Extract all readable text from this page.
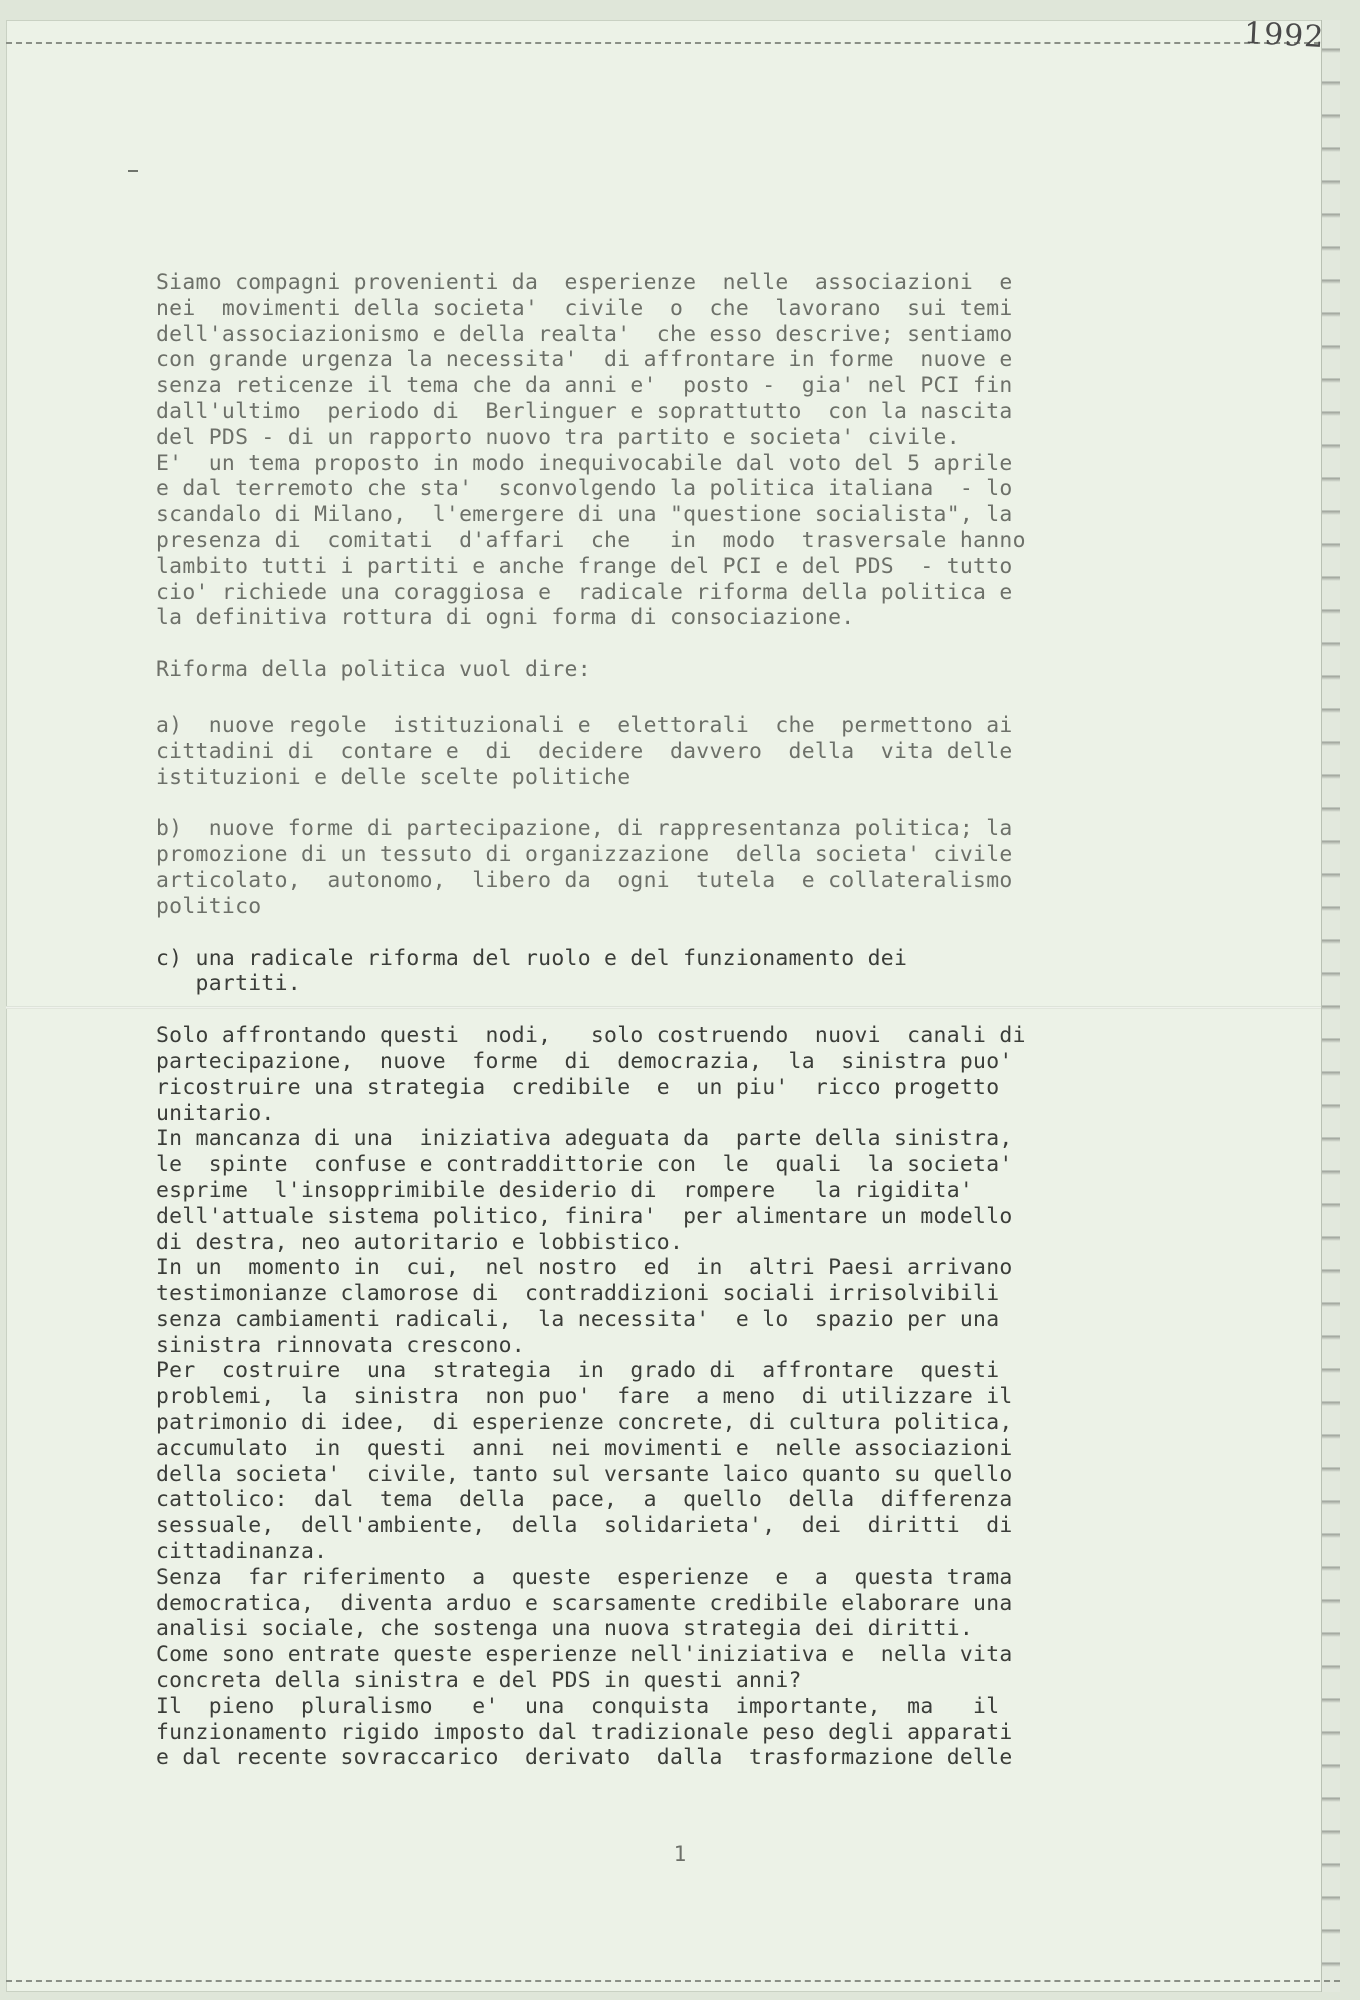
1992
Siamo compagni provenienti da  esperienze  nelle  associazioni  e
nei  movimenti della societa'  civile  o  che  lavorano  sui temi
dell'associazionismo e della realta'  che esso descrive; sentiamo
con grande urgenza la necessita'  di affrontare in forme  nuove e
senza reticenze il tema che da anni e'  posto -  gia' nel PCI fin
dall'ultimo  periodo di  Berlinguer e soprattutto  con la nascita
del PDS - di un rapporto nuovo tra partito e societa' civile.
E'  un tema proposto in modo inequivocabile dal voto del 5 aprile
e dal terremoto che sta'  sconvolgendo la politica italiana  - lo
scandalo di Milano,  l'emergere di una "questione socialista", la
presenza di  comitati  d'affari  che   in  modo  trasversale hanno
lambito tutti i partiti e anche frange del PCI e del PDS  - tutto
cio' richiede una coraggiosa e  radicale riforma della politica e
la definitiva rottura di ogni forma di consociazione.
Riforma della politica vuol dire:
a)  nuove regole  istituzionali e  elettorali  che  permettono ai
cittadini di  contare e  di  decidere  davvero  della  vita delle
istituzioni e delle scelte politiche
b)  nuove forme di partecipazione, di rappresentanza politica; la
promozione di un tessuto di organizzazione  della societa' civile
articolato,  autonomo,  libero da  ogni  tutela  e collateralismo
politico
c) una radicale riforma del ruolo e del funzionamento dei
partiti.
Solo affrontando questi  nodi,   solo costruendo  nuovi  canali di
partecipazione,  nuove  forme  di  democrazia,  la  sinistra puo'
ricostruire una strategia  credibile  e  un piu'  ricco progetto
unitario.
In mancanza di una  iniziativa adeguata da  parte della sinistra,
le  spinte  confuse e contraddittorie con  le  quali  la societa'
esprime  l'insopprimibile desiderio di  rompere   la rigidita'
dell'attuale sistema politico, finira'  per alimentare un modello
di destra, neo autoritario e lobbistico.
In un  momento in  cui,  nel nostro  ed  in  altri Paesi arrivano
testimonianze clamorose di  contraddizioni sociali irrisolvibili
senza cambiamenti radicali,  la necessita'  e lo  spazio per una
sinistra rinnovata crescono.
Per  costruire  una  strategia  in  grado di  affrontare  questi
problemi,  la  sinistra  non puo'  fare  a meno  di utilizzare il
patrimonio di idee,  di esperienze concrete, di cultura politica,
accumulato  in  questi  anni  nei movimenti e  nelle associazioni
della societa'  civile, tanto sul versante laico quanto su quello
cattolico:  dal  tema  della  pace,  a  quello  della  differenza
sessuale,  dell'ambiente,  della  solidarieta',  dei  diritti  di
cittadinanza.
Senza  far riferimento  a  queste  esperienze  e  a  questa trama
democratica,  diventa arduo e scarsamente credibile elaborare una
analisi sociale, che sostenga una nuova strategia dei diritti.
Come sono entrate queste esperienze nell'iniziativa e  nella vita
concreta della sinistra e del PDS in questi anni?
Il  pieno  pluralismo   e'  una  conquista  importante,  ma   il
funzionamento rigido imposto dal tradizionale peso degli apparati
e dal recente sovraccarico  derivato  dalla  trasformazione delle
1
